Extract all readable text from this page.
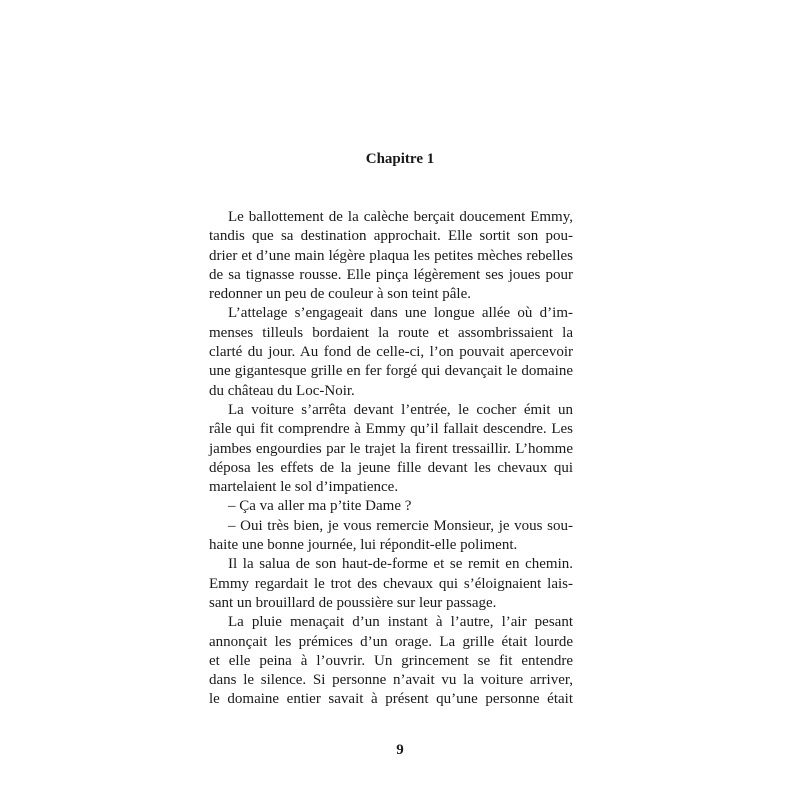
Chapitre 1
Le ballottement de la calèche berçait doucement Emmy,
tandis que sa destination approchait. Elle sortit son pou-
drier et d’une main légère plaqua les petites mèches rebelles
de sa tignasse rousse. Elle pinça légèrement ses joues pour
redonner un peu de couleur à son teint pâle.
L’attelage s’engageait dans une longue allée où d’im-
menses tilleuls bordaient la route et assombrissaient la
clarté du jour. Au fond de celle-ci, l’on pouvait apercevoir
une gigantesque grille en fer forgé qui devançait le domaine
du château du Loc-Noir.
La voiture s’arrêta devant l’entrée, le cocher émit un
râle qui fit comprendre à Emmy qu’il fallait descendre. Les
jambes engourdies par le trajet la firent tressaillir. L’homme
déposa les effets de la jeune fille devant les chevaux qui
martelaient le sol d’impatience.
– Ça va aller ma p’tite Dame ?
– Oui très bien, je vous remercie Monsieur, je vous sou-
haite une bonne journée, lui répondit-elle poliment.
Il la salua de son haut-de-forme et se remit en chemin.
Emmy regardait le trot des chevaux qui s’éloignaient lais-
sant un brouillard de poussière sur leur passage.
La pluie menaçait d’un instant à l’autre, l’air pesant
annonçait les prémices d’un orage. La grille était lourde
et elle peina à l’ouvrir. Un grincement se fit entendre
dans le silence. Si personne n’avait vu la voiture arriver,
le domaine entier savait à présent qu’une personne était
9
